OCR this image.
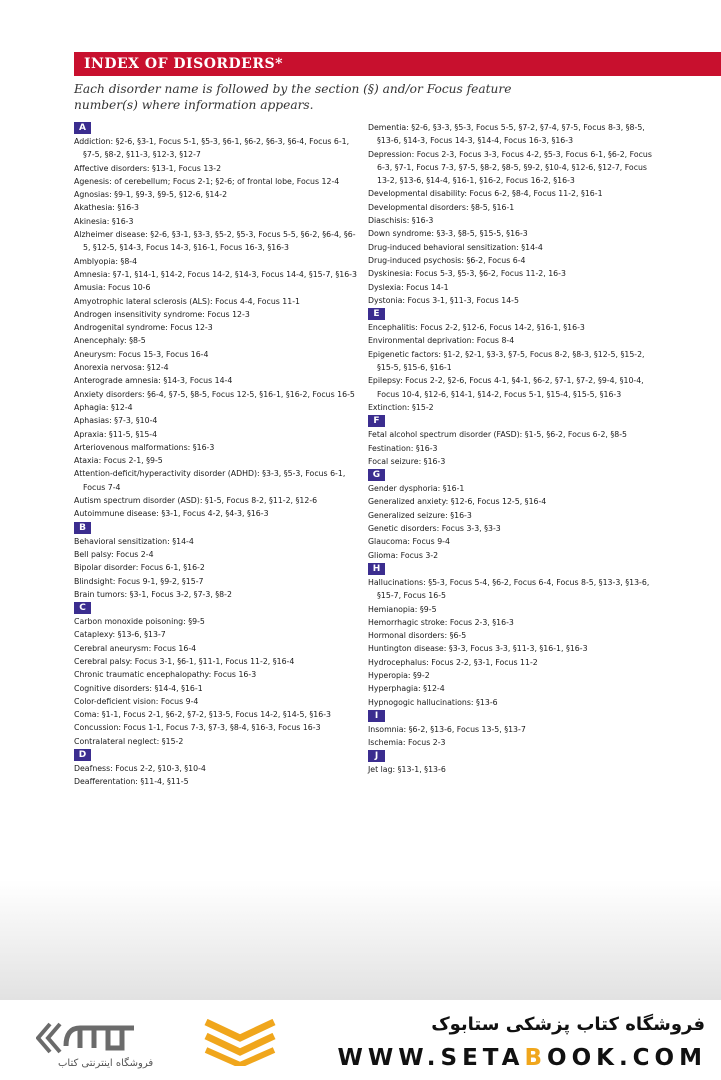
INDEX OF DISORDERS*
Each disorder name is followed by the section (§) and/or Focus feature number(s) where information appears.
A
Addiction: §2-6, §3-1, Focus 5-1, §5-3, §6-1, §6-2, §6-3, §6-4, Focus 6-1, §7-5, §8-2, §11-3, §12-3, §12-7
Affective disorders: §13-1, Focus 13-2
Agenesis: of cerebellum; Focus 2-1; §2-6; of frontal lobe, Focus 12-4
Agnosias: §9-1, §9-3, §9-5, §12-6, §14-2
Akathesia: §16-3
Akinesia: §16-3
Alzheimer disease: §2-6, §3-1, §3-3, §5-2, §5-3, Focus 5-5, §6-2, §6-4, §6-5, §12-5, §14-3, Focus 14-3, §16-1, Focus 16-3, §16-3
Amblyopia: §8-4
Amnesia: §7-1, §14-1, §14-2, Focus 14-2, §14-3, Focus 14-4, §15-7, §16-3
Amusia: Focus 10-6
Amyotrophic lateral sclerosis (ALS): Focus 4-4, Focus 11-1
Androgen insensitivity syndrome: Focus 12-3
Androgenital syndrome: Focus 12-3
Anencephaly: §8-5
Aneurysm: Focus 15-3, Focus 16-4
Anorexia nervosa: §12-4
Anterograde amnesia: §14-3, Focus 14-4
Anxiety disorders: §6-4, §7-5, §8-5, Focus 12-5, §16-1, §16-2, Focus 16-5
Aphagia: §12-4
Aphasias: §7-3, §10-4
Apraxia: §11-5, §15-4
Arteriovenous malformations: §16-3
Ataxia: Focus 2-1, §9-5
Attention-deficit/hyperactivity disorder (ADHD): §3-3, §5-3, Focus 6-1, Focus 7-4
Autism spectrum disorder (ASD): §1-5, Focus 8-2, §11-2, §12-6
Autoimmune disease: §3-1, Focus 4-2, §4-3, §16-3
B
Behavioral sensitization: §14-4
Bell palsy: Focus 2-4
Bipolar disorder: Focus 6-1, §16-2
Blindsight: Focus 9-1, §9-2, §15-7
Brain tumors: §3-1, Focus 3-2, §7-3, §8-2
C
Carbon monoxide poisoning: §9-5
Cataplexy: §13-6, §13-7
Cerebral aneurysm: Focus 16-4
Cerebral palsy: Focus 3-1, §6-1, §11-1, Focus 11-2, §16-4
Chronic traumatic encephalopathy: Focus 16-3
Cognitive disorders: §14-4, §16-1
Color-deficient vision: Focus 9-4
Coma: §1-1, Focus 2-1, §6-2, §7-2, §13-5, Focus 14-2, §14-5, §16-3
Concussion: Focus 1-1, Focus 7-3, §7-3, §8-4, §16-3, Focus 16-3
Contralateral neglect: §15-2
D
Deafness: Focus 2-2, §10-3, §10-4
Deafferentation: §11-4, §11-5
Dementia: §2-6, §3-3, §5-3, Focus 5-5, §7-2, §7-4, §7-5, Focus 8-3, §8-5, §13-6, §14-3, Focus 14-3, §14-4, Focus 16-3, §16-3
Depression: Focus 2-3, Focus 3-3, Focus 4-2, §5-3, Focus 6-1, §6-2, Focus 6-3, §7-1, Focus 7-3, §7-5, §8-2, §8-5, §9-2, §10-4, §12-6, §12-7, Focus 13-2, §13-6, §14-4, §16-1, §16-2, Focus 16-2, §16-3
Developmental disability: Focus 6-2, §8-4, Focus 11-2, §16-1
Developmental disorders: §8-5, §16-1
Diaschisis: §16-3
Down syndrome: §3-3, §8-5, §15-5, §16-3
Drug-induced behavioral sensitization: §14-4
Drug-induced psychosis: §6-2, Focus 6-4
Dyskinesia: Focus 5-3, §5-3, §6-2, Focus 11-2, 16-3
Dyslexia: Focus 14-1
Dystonia: Focus 3-1, §11-3, Focus 14-5
E
Encephalitis: Focus 2-2, §12-6, Focus 14-2, §16-1, §16-3
Environmental deprivation: Focus 8-4
Epigenetic factors: §1-2, §2-1, §3-3, §7-5, Focus 8-2, §8-3, §12-5, §15-2, §15-5, §15-6, §16-1
Epilepsy: Focus 2-2, §2-6, Focus 4-1, §4-1, §6-2, §7-1, §7-2, §9-4, §10-4, Focus 10-4, §12-6, §14-1, §14-2, Focus 5-1, §15-4, §15-5, §16-3
Extinction: §15-2
F
Fetal alcohol spectrum disorder (FASD): §1-5, §6-2, Focus 6-2, §8-5
Festination: §16-3
Focal seizure: §16-3
G
Gender dysphoria: §16-1
Generalized anxiety: §12-6, Focus 12-5, §16-4
Generalized seizure: §16-3
Genetic disorders: Focus 3-3, §3-3
Glaucoma: Focus 9-4
Glioma: Focus 3-2
H
Hallucinations: §5-3, Focus 5-4, §6-2, Focus 6-4, Focus 8-5, §13-3, §13-6, §15-7, Focus 16-5
Hemianopia: §9-5
Hemorrhagic stroke: Focus 2-3, §16-3
Hormonal disorders: §6-5
Huntington disease: §3-3, Focus 3-3, §11-3, §16-1, §16-3
Hydrocephalus: Focus 2-2, §3-1, Focus 11-2
Hyperopia: §9-2
Hyperphagia: §12-4
Hypnogogic hallucinations: §13-6
I
Insomnia: §6-2, §13-6, Focus 13-5, §13-7
Ischemia: Focus 2-3
J
Jet lag: §13-1, §13-6
فروشگاه اینترنتی کتاب
فروشگاه کتاب پزشکی ستابوک
WWW.SETABOOK.COM
